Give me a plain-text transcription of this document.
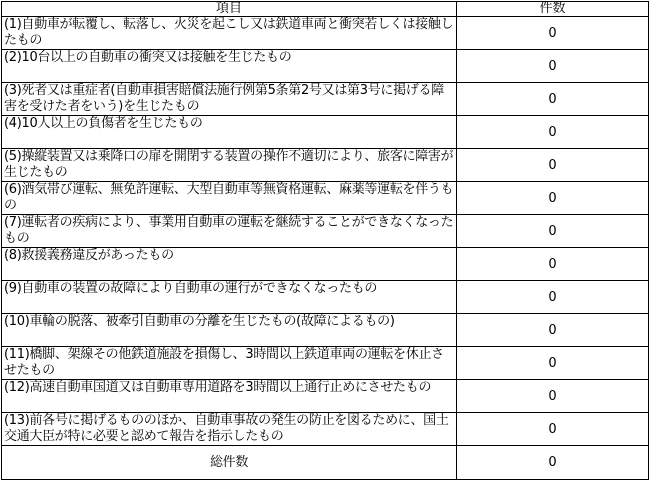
項目	件数
(1)自動車が転覆し、転落し、火災を起こし又は鉄道車両と衝突若しくは接触したもの	0
(2)10台以上の自動車の衝突又は接触を生じたもの	0
(3)死者又は重症者(自動車損害賠償法施行例第5条第2号又は第3号に掲げる障害を受けた者をいう)を生じたもの	0
(4)10人以上の負傷者を生じたもの	0
(5)操縦装置又は乗降口の扉を開閉する装置の操作不適切により、旅客に障害が生じたもの	0
(6)酒気帯び運転、無免許運転、大型自動車等無資格運転、麻薬等運転を伴うもの	0
(7)運転者の疾病により、事業用自動車の運転を継続することができなくなったもの	0
(8)救援義務違反があったもの	0
(9)自動車の装置の故障により自動車の運行ができなくなったもの	0
(10)車輪の脱落、被牽引自動車の分離を生じたもの(故障によるもの)	0
(11)橋脚、架線その他鉄道施設を損傷し、3時間以上鉄道車両の運転を休止させたもの	0
(12)高速自動車国道又は自動車専用道路を3時間以上通行止めにさせたもの	0
(13)前各号に掲げるもののほか、自動車事故の発生の防止を図るために、国土交通大臣が特に必要と認めて報告を指示したもの	0
総件数	0
